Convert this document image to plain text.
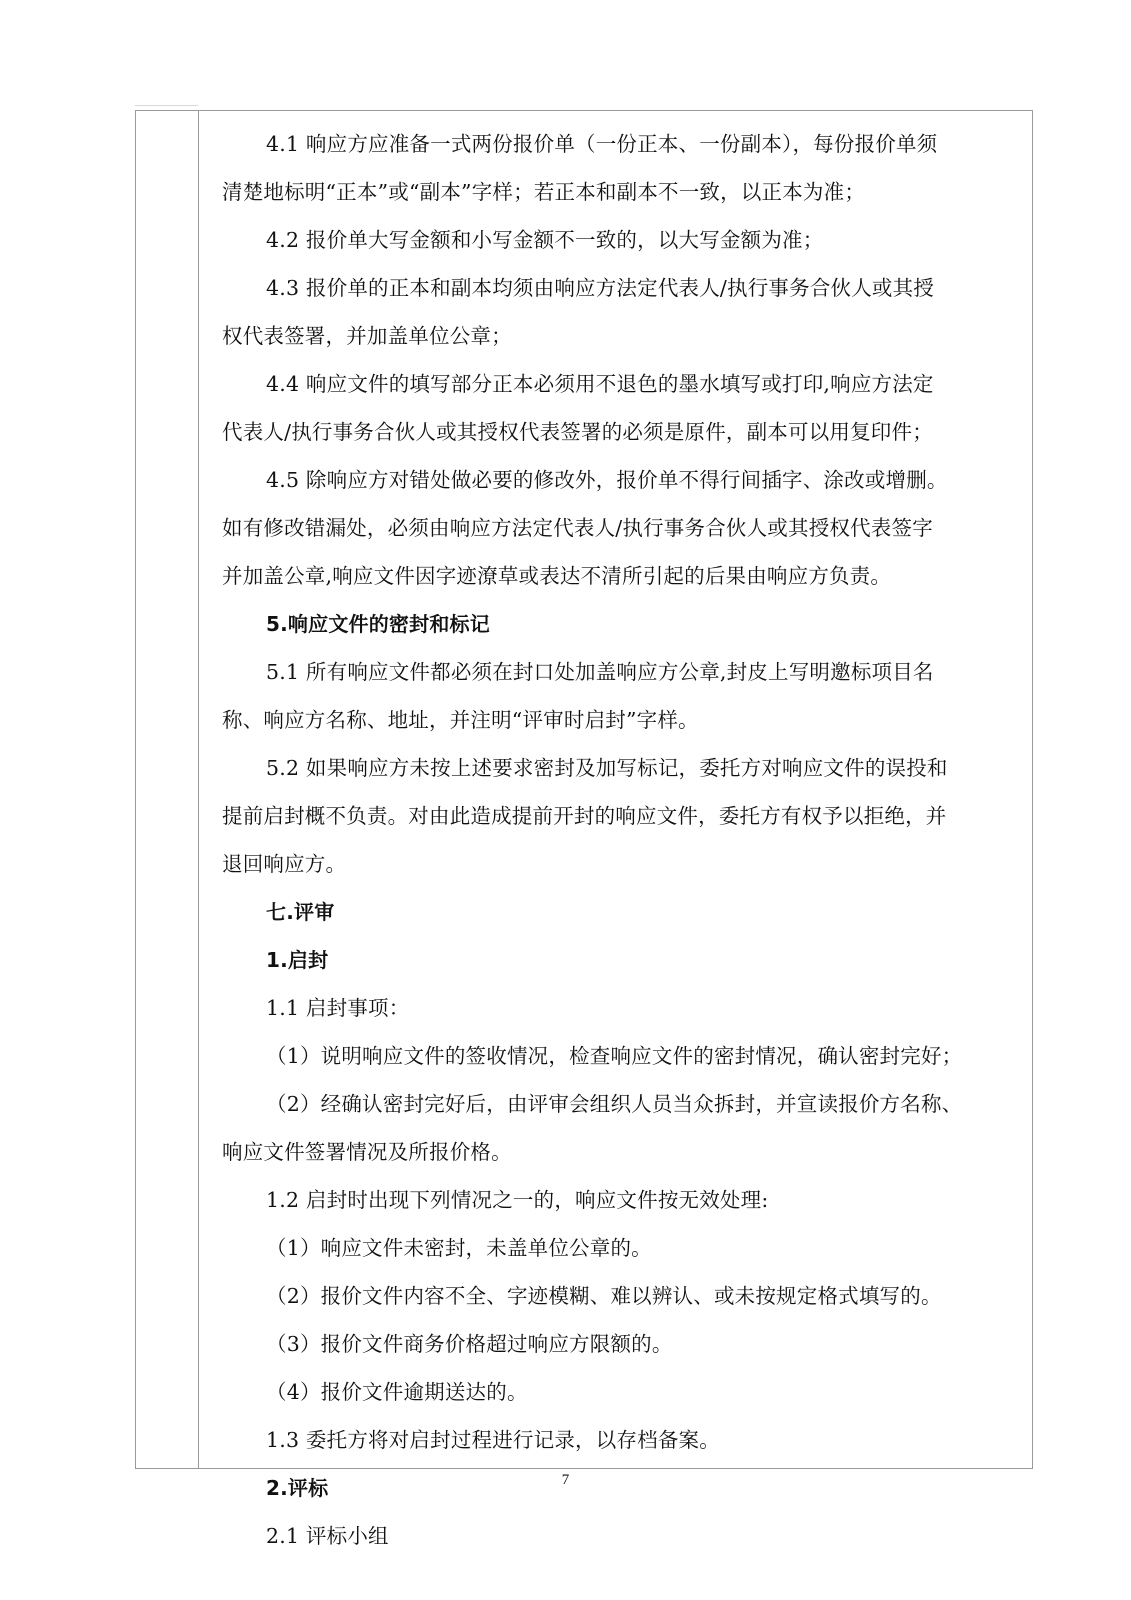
4.1 响应方应准备一式两份报价单（一份正本、一份副本），每份报价单须
清楚地标明“正本”或“副本”字样；若正本和副本不一致，以正本为准；
4.2 报价单大写金额和小写金额不一致的，以大写金额为准；
4.3 报价单的正本和副本均须由响应方法定代表人/执行事务合伙人或其授
权代表签署，并加盖单位公章；
4.4 响应文件的填写部分正本必须用不退色的墨水填写或打印,响应方法定
代表人/执行事务合伙人或其授权代表签署的必须是原件，副本可以用复印件；
4.5 除响应方对错处做必要的修改外，报价单不得行间插字、涂改或增删。
如有修改错漏处，必须由响应方法定代表人/执行事务合伙人或其授权代表签字
并加盖公章,响应文件因字迹潦草或表达不清所引起的后果由响应方负责。
5.响应文件的密封和标记
5.1 所有响应文件都必须在封口处加盖响应方公章,封皮上写明邀标项目名
称、响应方名称、地址，并注明“评审时启封”字样。
5.2 如果响应方未按上述要求密封及加写标记，委托方对响应文件的误投和
提前启封概不负责。对由此造成提前开封的响应文件，委托方有权予以拒绝，并
退回响应方。
七.评审
1.启封
1.1 启封事项：
（1）说明响应文件的签收情况，检查响应文件的密封情况，确认密封完好；
（2）经确认密封完好后，由评审会组织人员当众拆封，并宣读报价方名称、
响应文件签署情况及所报价格。
1.2 启封时出现下列情况之一的，响应文件按无效处理:
（1）响应文件未密封，未盖单位公章的。
（2）报价文件内容不全、字迹模糊、难以辨认、或未按规定格式填写的。
（3）报价文件商务价格超过响应方限额的。
（4）报价文件逾期送达的。
1.3 委托方将对启封过程进行记录，以存档备案。
2.评标
2.1 评标小组
7
